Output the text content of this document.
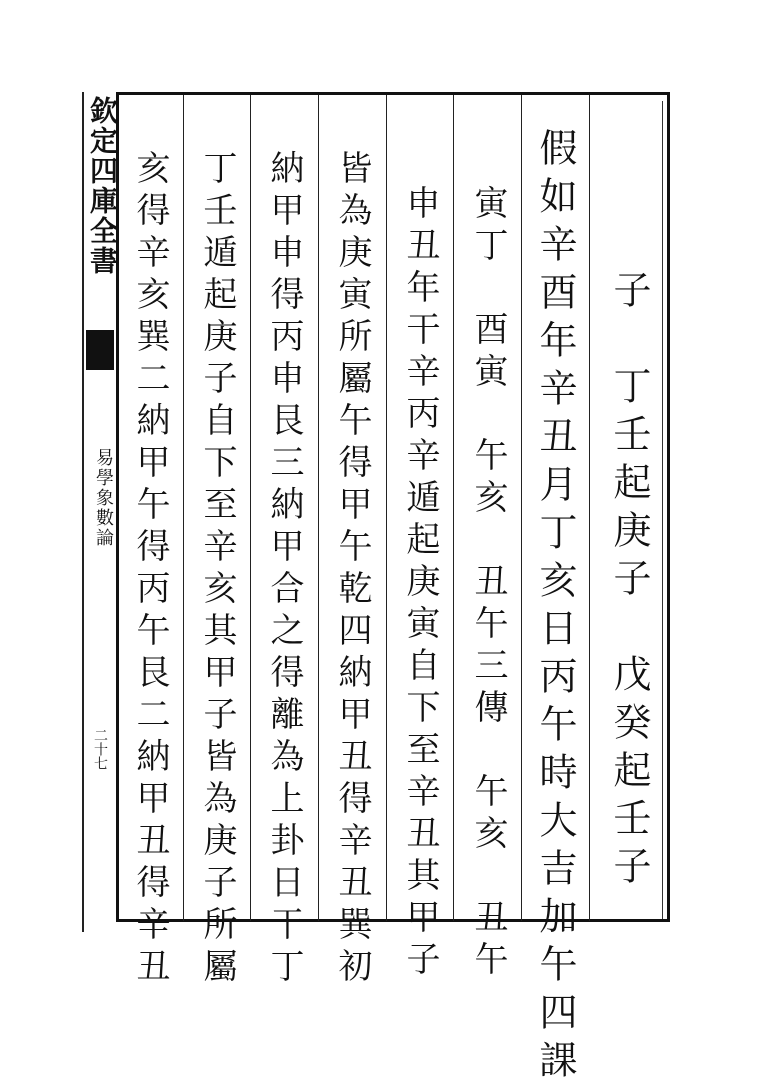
欽定四庫全書
易學象數論
二十七	子　丁壬起庚子　戊癸起壬子
假如辛酉年辛丑月丁亥日丙午時大吉加午四課
寅丁　酉寅　午亥　丑午三傳　午亥　丑午
申丑年干辛丙辛遁起庚寅自下至辛丑其甲子
皆為庚寅所屬午得甲午乾四納甲丑得辛丑巽初
納甲申得丙申艮三納甲合之得離為上卦日干丁
丁壬遁起庚子自下至辛亥其甲子皆為庚子所屬
亥得辛亥巽二納甲午得丙午艮二納甲丑得辛丑
